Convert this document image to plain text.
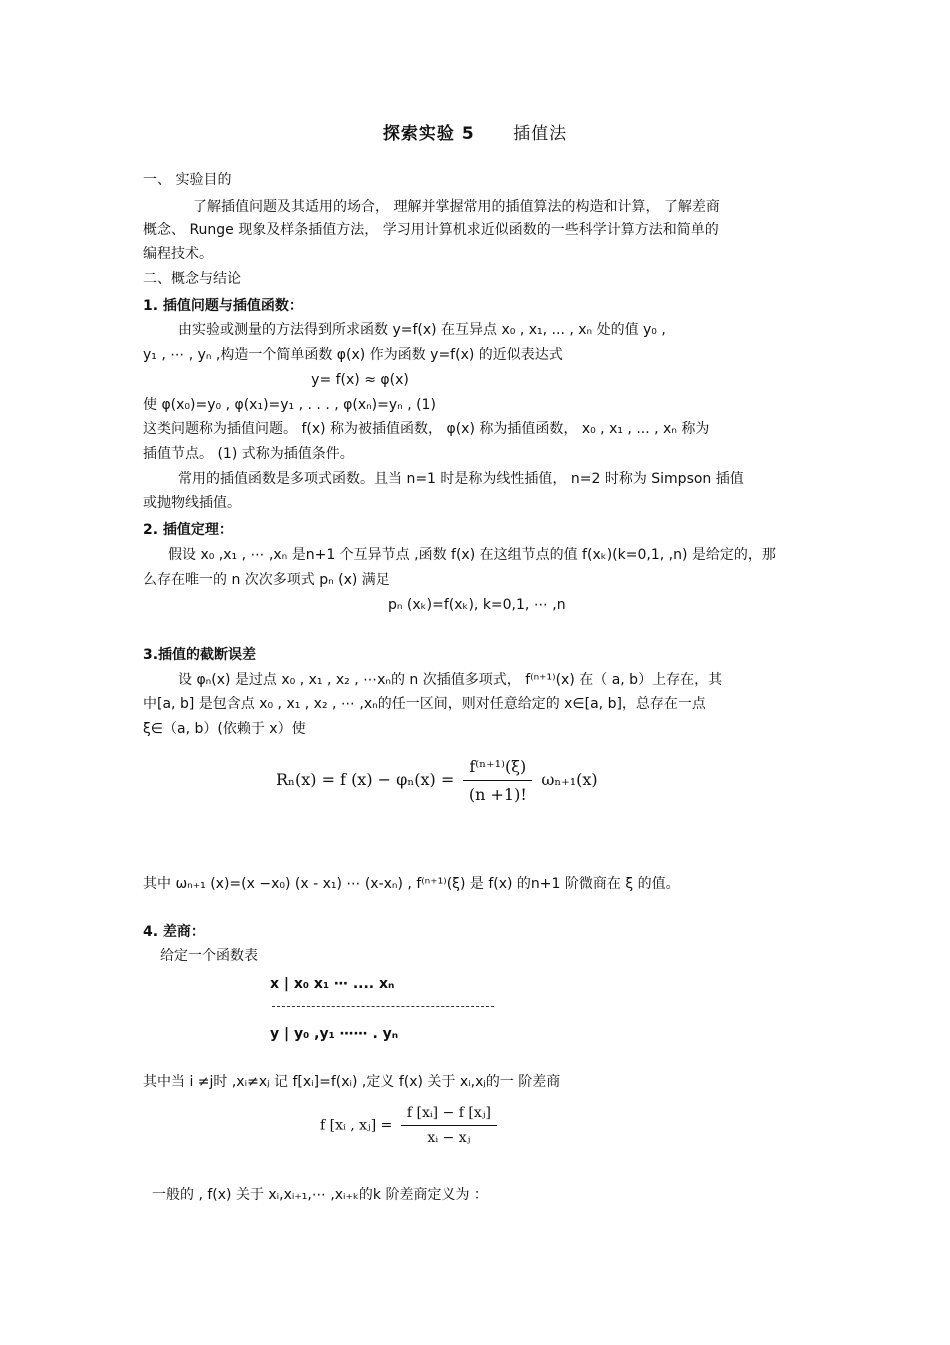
探索实验 5 插值法
一、 实验目的
了解插值问题及其适用的场合， 理解并掌握常用的插值算法的构造和计算， 了解差商
概念、 Runge 现象及样条插值方法， 学习用计算机求近似函数的一些科学计算方法和简单的
编程技术。
二、概念与结论
1. 插值问题与插值函数：
由实验或测量的方法得到所求函数 y=f(x) 在互异点 x₀ , x₁, ... , xₙ 处的值 y₀ ,
y₁ , ⋯ , yₙ ,构造一个简单函数 φ(x) 作为函数 y=f(x) 的近似表达式
y= f(x) ≈ φ(x)
使 φ(x₀)=y₀ , φ(x₁)=y₁ , . . . , φ(xₙ)=yₙ , (1)
这类问题称为插值问题。 f(x) 称为被插值函数， φ(x) 称为插值函数， x₀ , x₁ , ... , xₙ 称为
插值节点。 (1) 式称为插值条件。
常用的插值函数是多项式函数。且当 n=1 时是称为线性插值， n=2 时称为 Simpson 插值
或抛物线插值。
2. 插值定理：
假设 x₀ ,x₁ , ⋯ ,xₙ 是n+1 个互异节点 ,函数 f(x) 在这组节点的值 f(xₖ)(k=0,1, ,n) 是给定的，那
么存在唯一的 n 次次多项式 pₙ (x) 满足
pₙ (xₖ)=f(xₖ), k=0,1, ⋯ ,n
3.插值的截断误差
设 φₙ(x) 是过点 x₀ , x₁ , x₂ , ⋯xₙ的 n 次插值多项式， f⁽ⁿ⁺¹⁾(x) 在（ a, b）上存在，其
中[a, b] 是包含点 x₀ , x₁ , x₂ , ⋯ ,xₙ的任一区间，则对任意给定的 x∈[a, b]，总存在一点
ξ∈（a, b）(依赖于 x）使
Rₙ(x) = f $(x) - \varphi_n(x) = \frac{\text{f⁽ⁿ⁺¹⁾(ξ)}}{(n +1)!} \omega_{n+1}(x)$
其中 ωₙ₊₁ (x)=(x −x₀) (x - x₁) ⋯ (x-xₙ) , f⁽ⁿ⁺¹⁾(ξ) 是 f(x) 的n+1 阶微商在 ξ 的值。
4. 差商：
给定一个函数表
x | x₀ x₁ ⋯ .... xₙ
y | y₀ ,y₁ ⋯⋯ . yₙ
其中当 i ≠j时 ,xᵢ≠xⱼ 记 f[xᵢ]=f(xᵢ) ,定义 f(x) 关于 xᵢ,xⱼ的一 阶差商
f [xᵢ , xⱼ] = $\frac{\text{f [xᵢ] − f [xⱼ]}}{\text{xᵢ − xⱼ}}$
一般的 , f(x) 关于 xᵢ,xᵢ₊₁,⋯ ,xᵢ₊ₖ的k 阶差商定义为 ：
